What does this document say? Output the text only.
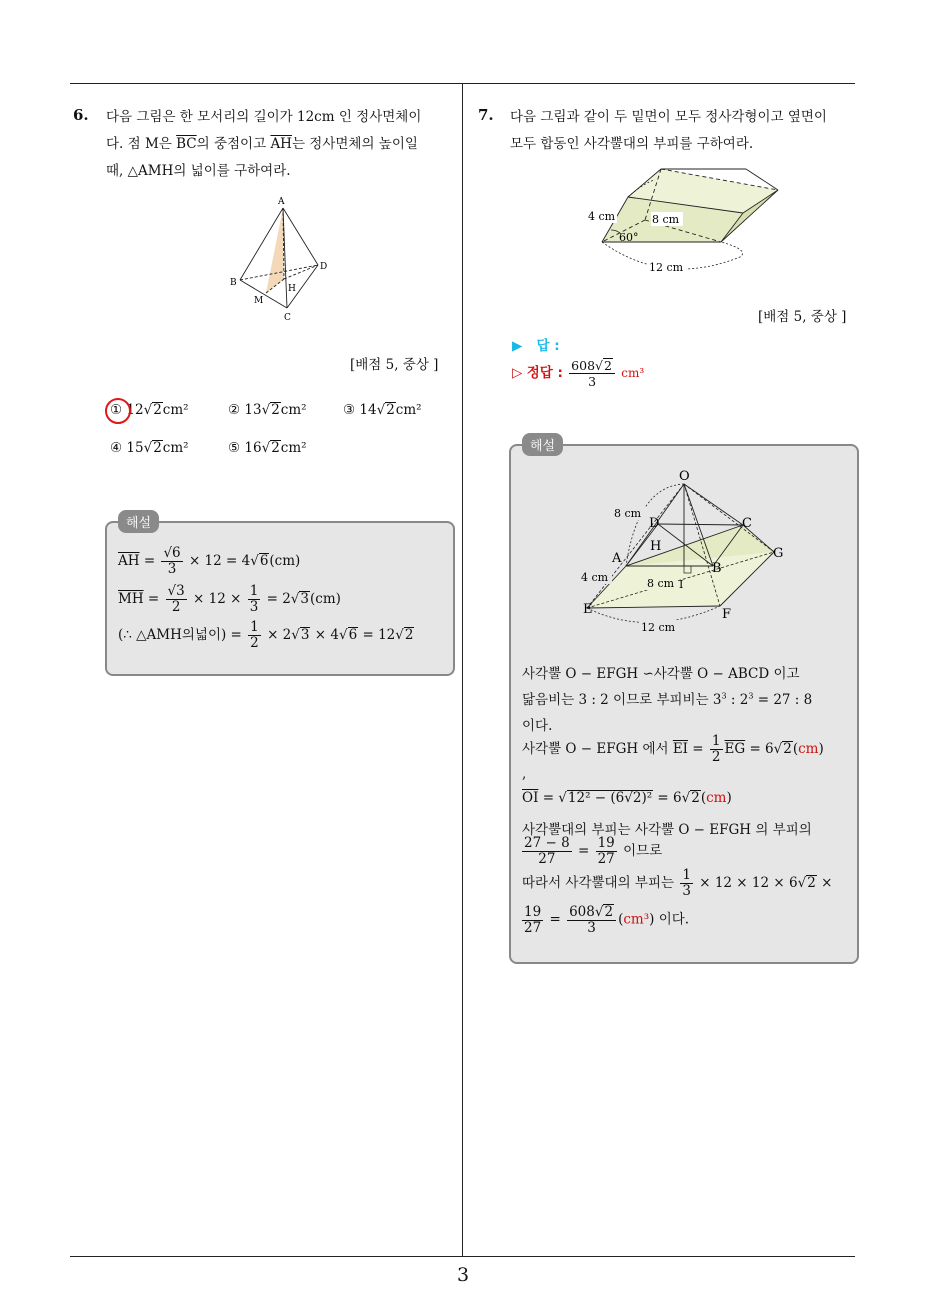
3
6. 다음 그림은 한 모서리의 길이가 12cm 인 정사면체이
다. 점 M은 $\overline{BC}$의 중점이고 $\overline{AH}$는 정사면체의 높이일
때, △AMH의 넓이를 구하여라.
A
B
C
D
H
M
[배점 5, 중상 ]
① 12√2cm²	② 13√2cm²	③ 14√2cm²
④ 15√2cm²	⑤ 16√2cm²
해설
$\overline{AH} = \frac{√6}{3} \times 12 = 4√6(cm)$
$\overline{MH} = \frac{√3}{2} \times 12 \times \frac{1}{3} = 2√3(cm)$
(∴ △AMH의넓이) = $\frac{1}{2} \times 2√3 \times 4√6 = 12√2$
7. 다음 그림과 같이 두 밑면이 모두 정사각형이고 옆면이
모두 합동인 사각뿔대의 부피를 구하여라.
4 cm	8 cm
60°
12 cm
[배점 5, 중상 ]
▶ 답 :
▷ 정답 : $\frac{608√2}{3} cm^3$
해설
O
D	C
H
A
B
G
I
E	F
8 cm
4 cm	8 cm
12 cm
사각뿔 O − EFGH ∽사각뿔 O − ABCD 이고
닮음비는 3 : 2 이므로 부피비는 $3^3$ : $2^3 = 27$ : 8
이다.
사각뿔 O − EFGH 에서 $\overline{EI} = \frac{1}{2} \overline{EG} = 6√2(cm)$
,
$\overline{OI} = √12^2 - (6√2)^2 = 6√2(cm)$
사각뿔대의 부피는 사각뿔 O − EFGH 의 부피의
$\frac{27 - 8}{27} = \frac{19}{27}$ 이므로
따라서 사각뿔대의 부피는 $\frac{1}{3} \times 12 \times 12 \times 6√2$ ×
$\frac{19}{27} = \frac{608√2}{3} (cm^3)$ 이다.
